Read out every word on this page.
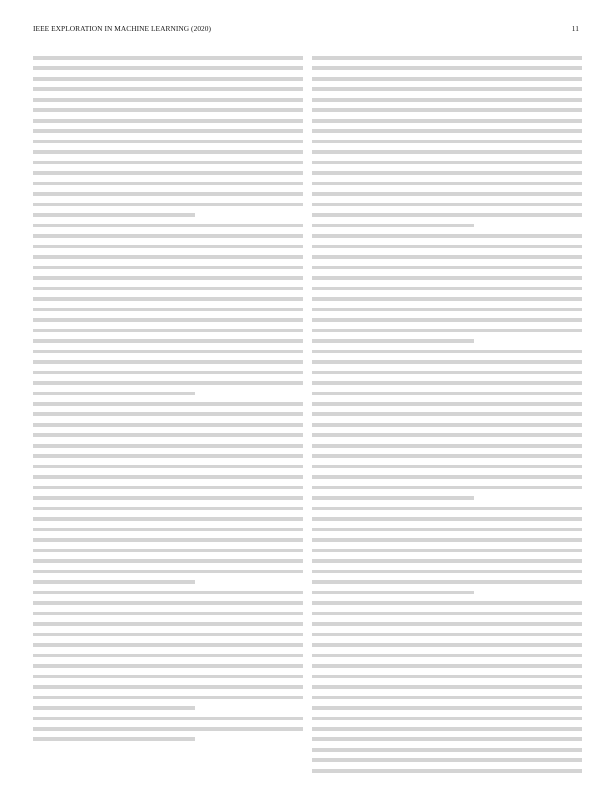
IEEE EXPLORATION IN MACHINE LEARNING (2020)	11
